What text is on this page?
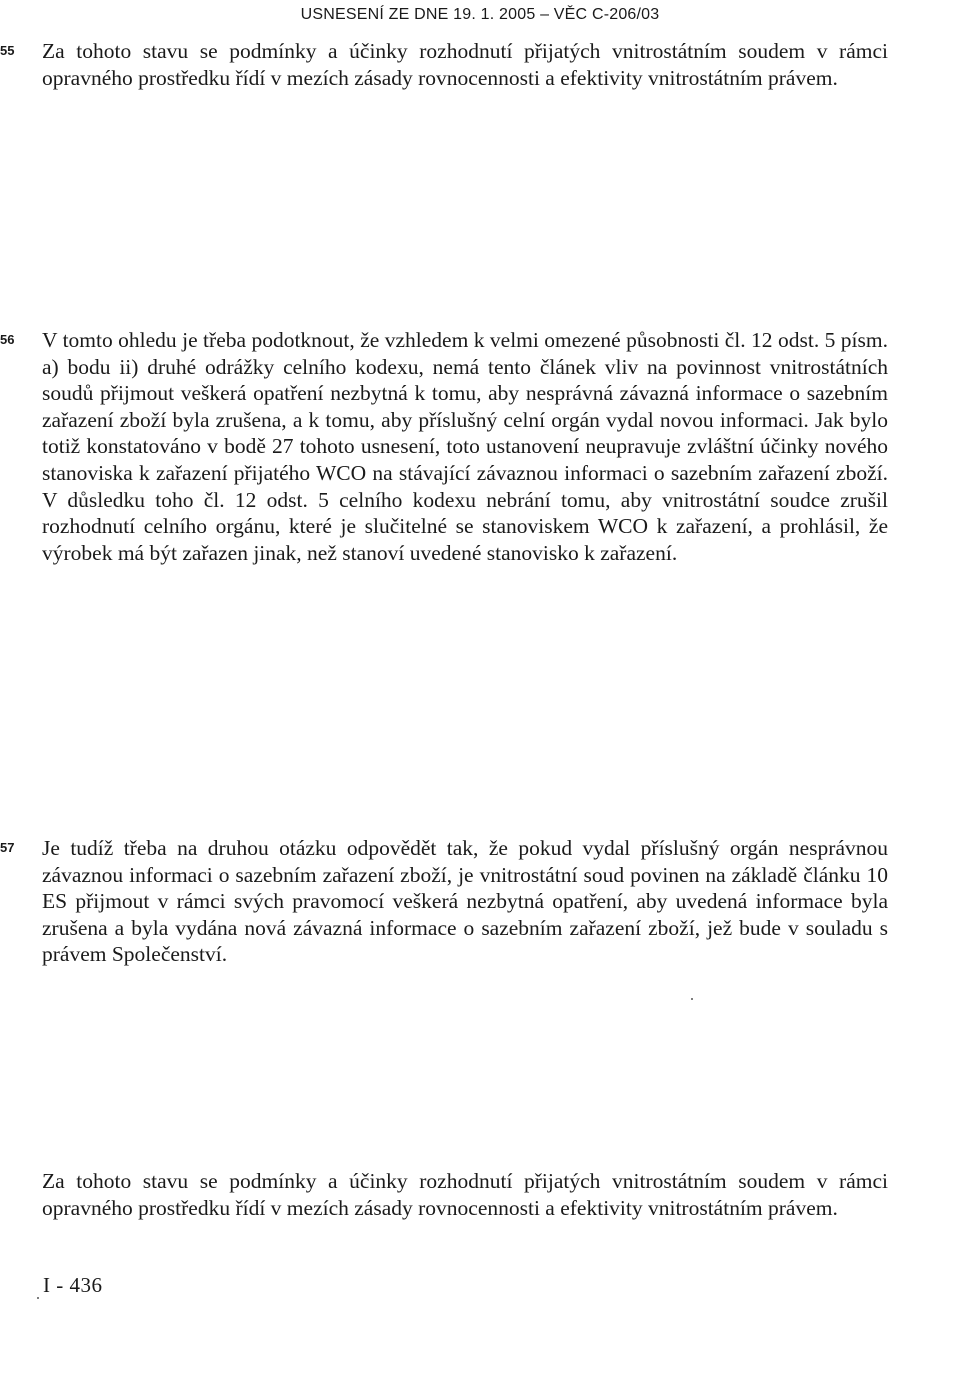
USNESENÍ ZE DNE 19. 1. 2005 – VĚC C-206/03
55	Za tohoto stavu se podmínky a účinky rozhodnutí přijatých vnitrostátním soudem v rámci opravného prostředku řídí v mezích zásady rovnocennosti a efektivity vnitrostátním právem.
56	V tomto ohledu je třeba podotknout, že vzhledem k velmi omezené působnosti čl. 12 odst. 5 písm. a) bodu ii) druhé odrážky celního kodexu, nemá tento článek vliv na povinnost vnitrostátních soudů přijmout veškerá opatření nezbytná k tomu, aby nesprávná závazná informace o sazebním zařazení zboží byla zrušena, a k tomu, aby příslušný celní orgán vydal novou informaci. Jak bylo totiž konstatováno v bodě 27 tohoto usnesení, toto ustanovení neupravuje zvláštní účinky nového stanoviska k zařazení přijatého WCO na stávající závaznou informaci o sazebním zařazení zboží. V důsledku toho čl. 12 odst. 5 celního kodexu nebrání tomu, aby vnitrostátní soudce zrušil rozhodnutí celního orgánu, které je slučitelné se stanoviskem WCO k zařazení, a prohlásil, že výrobek má být zařazen jinak, než stanoví uvedené stanovisko k zařazení.
57	Je tudíž třeba na druhou otázku odpovědět tak, že pokud vydal příslušný orgán nesprávnou závaznou informaci o sazebním zařazení zboží, je vnitrostátní soud povinen na základě článku 10 ES přijmout v rámci svých pravomocí veškerá nezbytná opatření, aby uvedená informace byla zrušena a byla vydána nová závazná informace o sazebním zařazení zboží, jež bude v souladu s právem Společenství.
Za tohoto stavu se podmínky a účinky rozhodnutí přijatých vnitrostátním soudem v rámci opravného prostředku řídí v mezích zásady rovnocennosti a efektivity vnitrostátním právem.
I - 436
